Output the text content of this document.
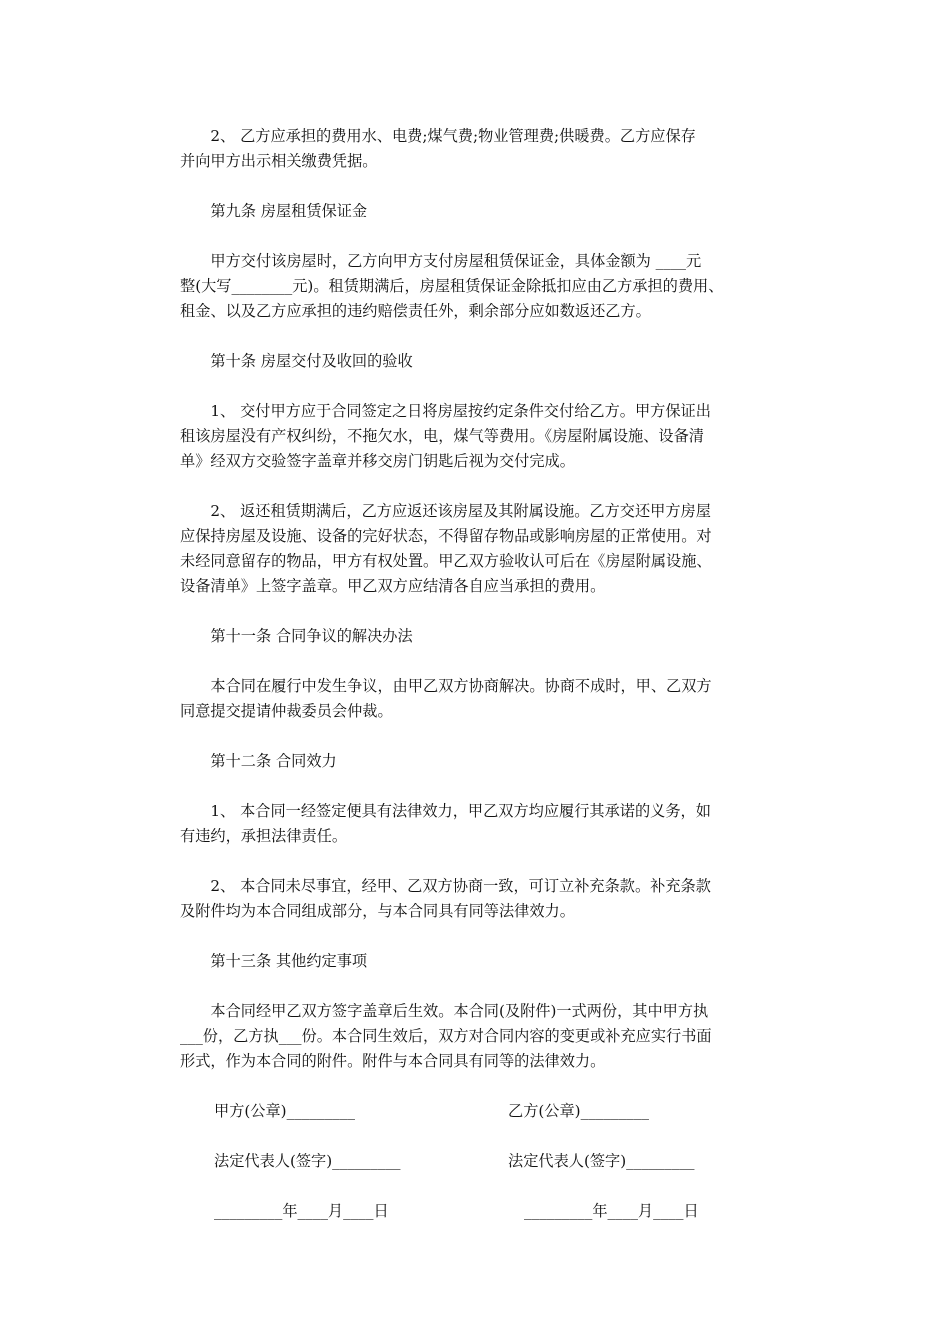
2、 乙方应承担的费用水、电费;煤气费;物业管理费;供暖费。乙方应保存
并向甲方出示相关缴费凭据。

第九条 房屋租赁保证金

甲方交付该房屋时，乙方向甲方支付房屋租赁保证金，具体金额为 ____元
整(大写________元)。租赁期满后，房屋租赁保证金除抵扣应由乙方承担的费用、
租金、以及乙方应承担的违约赔偿责任外，剩余部分应如数返还乙方。

第十条 房屋交付及收回的验收

1、 交付甲方应于合同签定之日将房屋按约定条件交付给乙方。甲方保证出
租该房屋没有产权纠纷，不拖欠水，电，煤气等费用。《房屋附属设施、设备清
单》经双方交验签字盖章并移交房门钥匙后视为交付完成。

2、 返还租赁期满后，乙方应返还该房屋及其附属设施。乙方交还甲方房屋
应保持房屋及设施、设备的完好状态，不得留存物品或影响房屋的正常使用。对
未经同意留存的物品，甲方有权处置。甲乙双方验收认可后在《房屋附属设施、
设备清单》上签字盖章。甲乙双方应结清各自应当承担的费用。

第十一条 合同争议的解决办法

本合同在履行中发生争议，由甲乙双方协商解决。协商不成时，甲、乙双方
同意提交提请仲裁委员会仲裁。

第十二条 合同效力

1、 本合同一经签定便具有法律效力，甲乙双方均应履行其承诺的义务，如
有违约，承担法律责任。

2、 本合同未尽事宜，经甲、乙双方协商一致，可订立补充条款。补充条款
及附件均为本合同组成部分，与本合同具有同等法律效力。

第十三条 其他约定事项

本合同经甲乙双方签字盖章后生效。本合同(及附件)一式两份，其中甲方执
___份，乙方执___份。本合同生效后，双方对合同内容的变更或补充应实行书面
形式，作为本合同的附件。附件与本合同具有同等的法律效力。

甲方(公章)_________	乙方(公章)_________
法定代表人(签字)_________	法定代表人(签字)_________
_________年____月____日	_________年____月____日
